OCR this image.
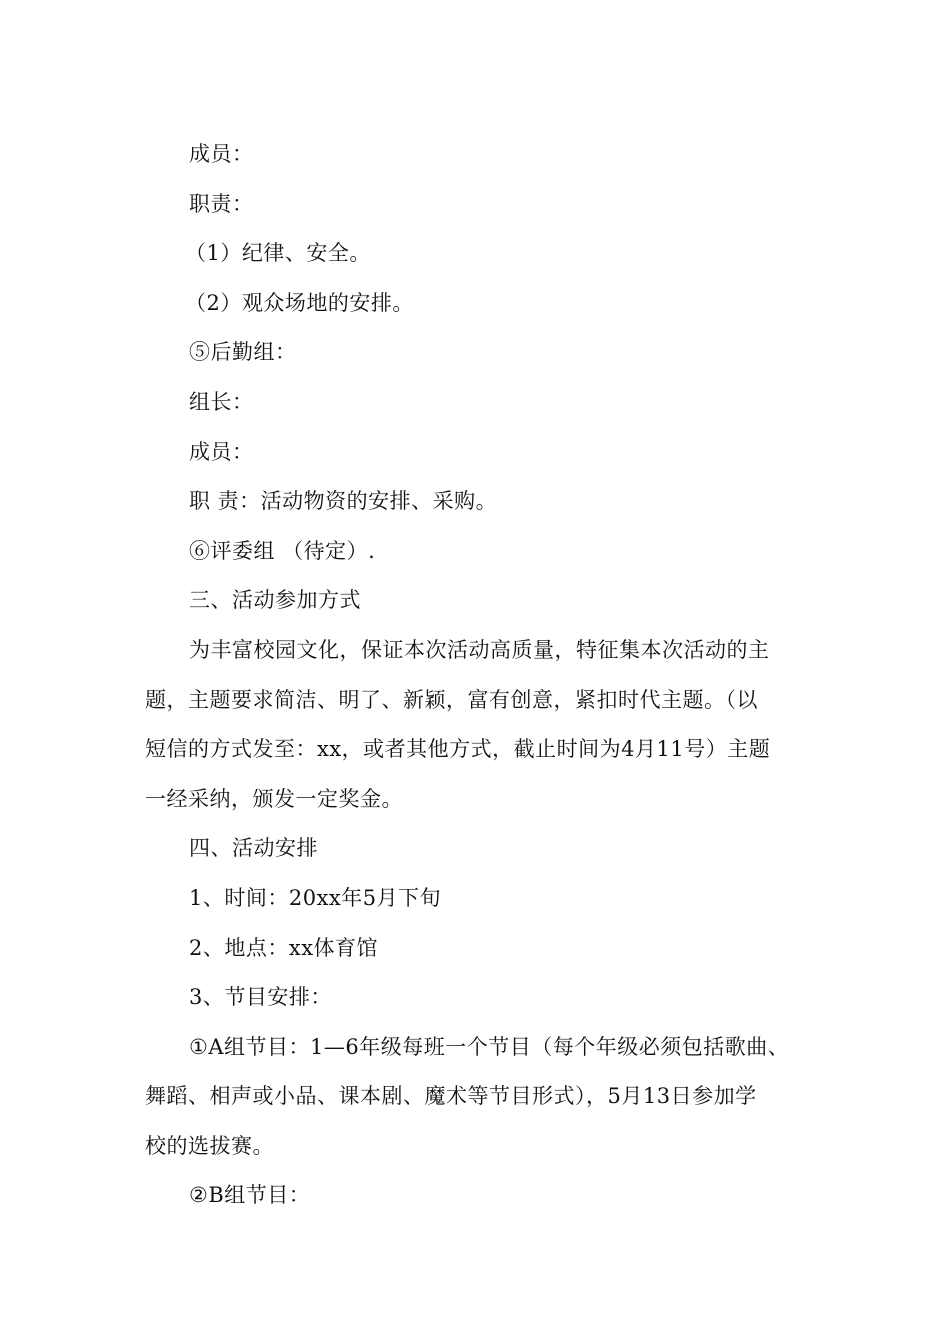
成员：
职责：
（1）纪律、安全。
（2）观众场地的安排。
⑤后勤组：
组长：
成员：
职 责：活动物资的安排、采购。
⑥评委组 （待定）.
三、活动参加方式
为丰富校园文化，保证本次活动高质量，特征集本次活动的主
题，主题要求简洁、明了、新颖，富有创意，紧扣时代主题。（以
短信的方式发至：xx，或者其他方式，截止时间为4月11号）主题
一经采纳，颁发一定奖金。
四、活动安排
1、时间：20xx年5月下旬
2、地点：xx体育馆
3、节目安排：
①A组节目：1—6年级每班一个节目（每个年级必须包括歌曲、
舞蹈、相声或小品、课本剧、魔术等节目形式），5月13日参加学
校的选拔赛。
②B组节目：
